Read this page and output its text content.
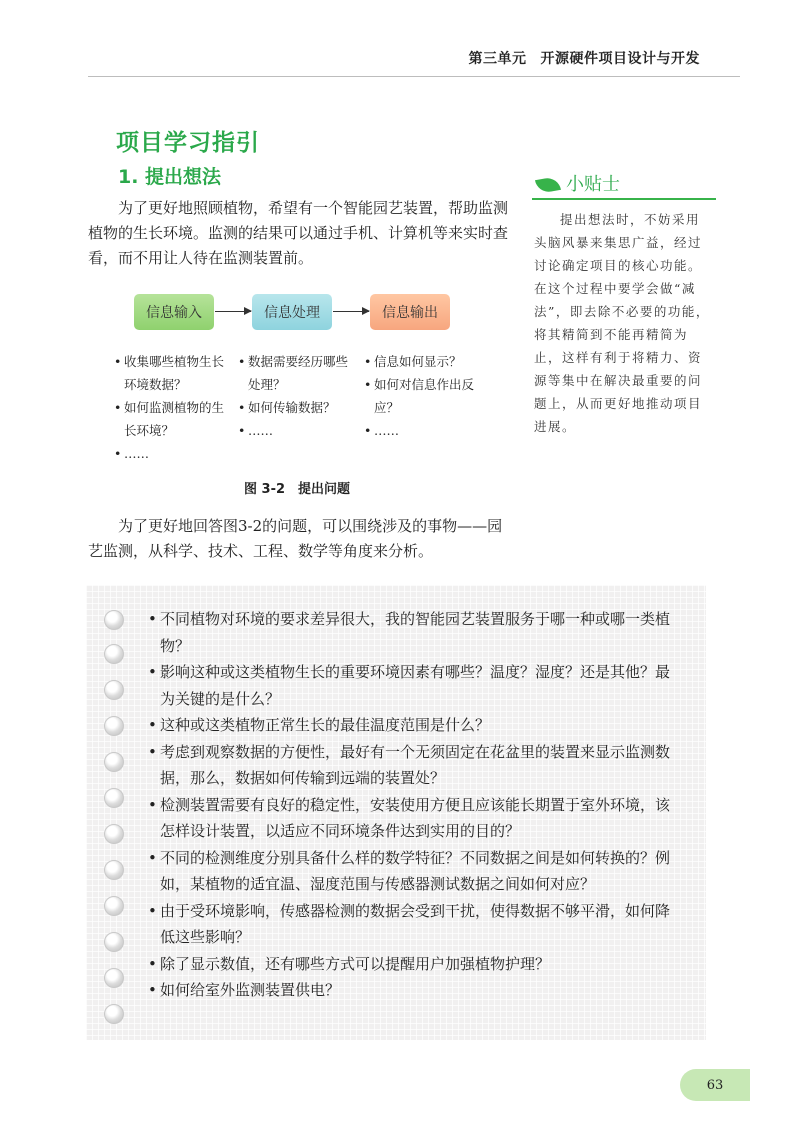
第三单元 开源硬件项目设计与开发
项目学习指引
1. 提出想法

为了更好地照顾植物，希望有一个智能园艺装置，帮助监测植物的生长环境。监测的结果可以通过手机、计算机等来实时查看，而不用让人待在监测装置前。

小贴士

提出想法时，不妨采用头脑风暴来集思广益，经过讨论确定项目的核心功能。在这个过程中要学会做“减法”，即去除不必要的功能，将其精简到不能再精简为止，这样有利于将精力、资源等集中在解决最重要的问题上，从而更好地推动项目进展。

信息输入	信息处理	信息输出
• 收集哪些植物生长环境数据？
• 如何监测植物的生长环境？
• ……
• 数据需要经历哪些处理？
• 如何传输数据？
• ……
• 信息如何显示？
• 如何对信息作出反应？
• ……
图 3-2　提出问题

为了更好地回答图3-2的问题，可以围绕涉及的事物——园艺监测，从科学、技术、工程、数学等角度来分析。

• 不同植物对环境的要求差异很大，我的智能园艺装置服务于哪一种或哪一类植物？
• 影响这种或这类植物生长的重要环境因素有哪些？温度？湿度？还是其他？最为关键的是什么？
• 这种或这类植物正常生长的最佳温度范围是什么？
• 考虑到观察数据的方便性，最好有一个无须固定在花盆里的装置来显示监测数据，那么，数据如何传输到远端的装置处？
• 检测装置需要有良好的稳定性，安装使用方便且应该能长期置于室外环境，该怎样设计装置，以适应不同环境条件达到实用的目的？
• 不同的检测维度分别具备什么样的数学特征？不同数据之间是如何转换的？例如，某植物的适宜温、湿度范围与传感器测试数据之间如何对应？
• 由于受环境影响，传感器检测的数据会受到干扰，使得数据不够平滑，如何降低这些影响？
• 除了显示数值，还有哪些方式可以提醒用户加强植物护理？
• 如何给室外监测装置供电？
63
